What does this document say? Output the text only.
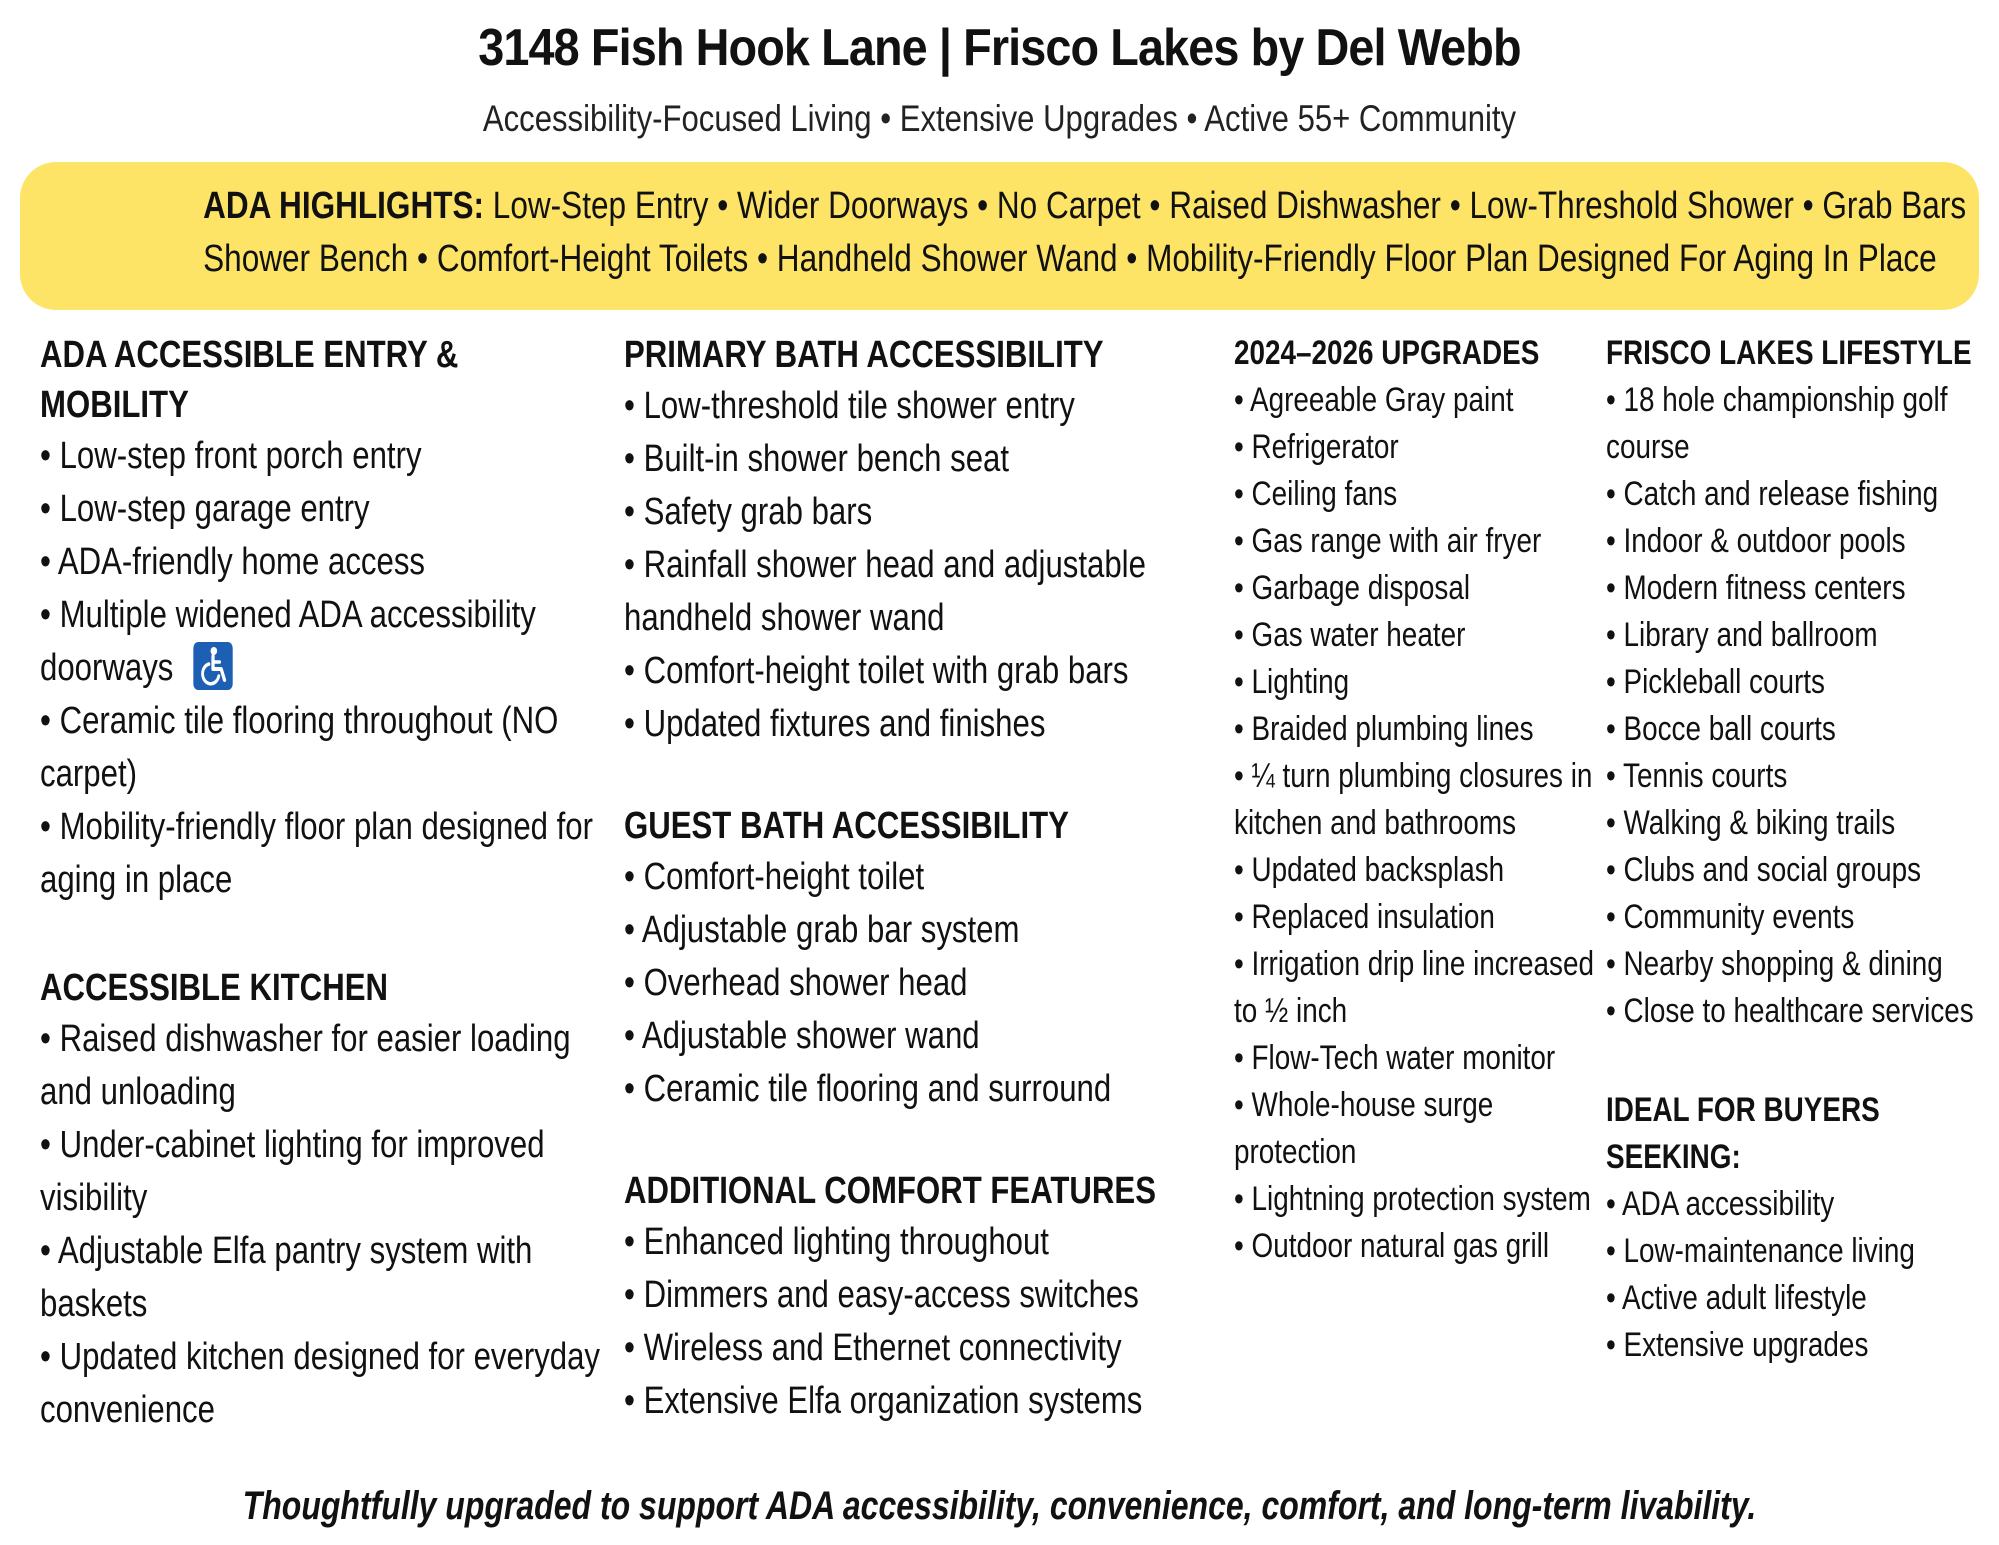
3148 Fish Hook Lane | Frisco Lakes by Del Webb
Accessibility-Focused Living • Extensive Upgrades • Active 55+ Community
ADA HIGHLIGHTS: Low-Step Entry • Wider Doorways • No Carpet • Raised Dishwasher • Low-Threshold Shower • Grab Bars
Shower Bench • Comfort-Height Toilets • Handheld Shower Wand • Mobility-Friendly Floor Plan Designed For Aging In Place
ADA ACCESSIBLE ENTRY & MOBILITY
• Low-step front porch entry
• Low-step garage entry
• ADA-friendly home access
• Multiple widened ADA accessibility doorways
• Ceramic tile flooring throughout (NO carpet)
• Mobility-friendly floor plan designed for aging in place
ACCESSIBLE KITCHEN
• Raised dishwasher for easier loading and unloading
• Under-cabinet lighting for improved visibility
• Adjustable Elfa pantry system with baskets
• Updated kitchen designed for everyday convenience
PRIMARY BATH ACCESSIBILITY
• Low-threshold tile shower entry
• Built-in shower bench seat
• Safety grab bars
• Rainfall shower head and adjustable handheld shower wand
• Comfort-height toilet with grab bars
• Updated fixtures and finishes
GUEST BATH ACCESSIBILITY
• Comfort-height toilet
• Adjustable grab bar system
• Overhead shower head
• Adjustable shower wand
• Ceramic tile flooring and surround
ADDITIONAL COMFORT FEATURES
• Enhanced lighting throughout
• Dimmers and easy-access switches
• Wireless and Ethernet connectivity
• Extensive Elfa organization systems
2024–2026 UPGRADES
• Agreeable Gray paint
• Refrigerator
• Ceiling fans
• Gas range with air fryer
• Garbage disposal
• Gas water heater
• Lighting
• Braided plumbing lines
• ¼ turn plumbing closures in kitchen and bathrooms
• Updated backsplash
• Replaced insulation
• Irrigation drip line increased to ½ inch
• Flow-Tech water monitor
• Whole-house surge protection
• Lightning protection system
• Outdoor natural gas grill
FRISCO LAKES LIFESTYLE
• 18 hole championship golf course
• Catch and release fishing
• Indoor & outdoor pools
• Modern fitness centers
• Library and ballroom
• Pickleball courts
• Bocce ball courts
• Tennis courts
• Walking & biking trails
• Clubs and social groups
• Community events
• Nearby shopping & dining
• Close to healthcare services
IDEAL FOR BUYERS SEEKING:
• ADA accessibility
• Low-maintenance living
• Active adult lifestyle
• Extensive upgrades
Thoughtfully upgraded to support ADA accessibility, convenience, comfort, and long-term livability.
